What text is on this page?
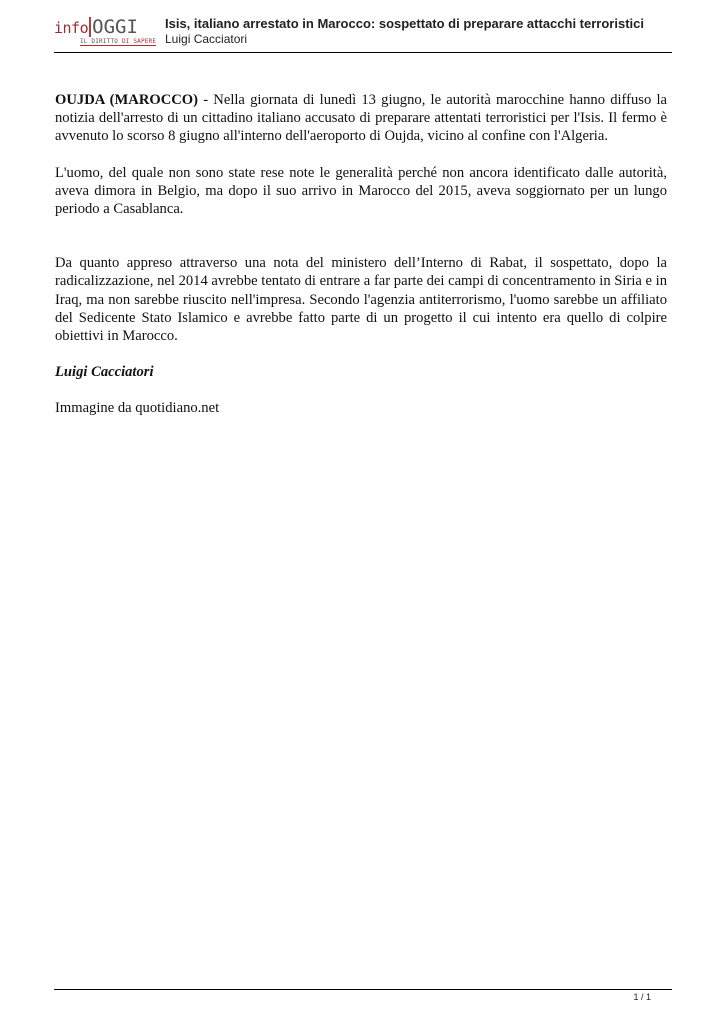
info OGGI
IL DIRITTO DI SAPERE
Isis, italiano arrestato in Marocco: sospettato di preparare attacchi terroristici
Luigi Cacciatori

OUJDA (MAROCCO) - Nella giornata di lunedì 13 giugno, le autorità marocchine hanno diffuso la notizia dell'arresto di un cittadino italiano accusato di preparare attentati terroristici per l'Isis. Il fermo è avvenuto lo scorso 8 giugno all'interno dell'aeroporto di Oujda, vicino al confine con l'Algeria.

L'uomo, del quale non sono state rese note le generalità perché non ancora identificato dalle autorità, aveva dimora in Belgio, ma dopo il suo arrivo in Marocco del 2015, aveva soggiornato per un lungo periodo a Casablanca.

Da quanto appreso attraverso una nota del ministero dell’Interno di Rabat, il sospettato, dopo la radicalizzazione, nel 2014 avrebbe tentato di entrare a far parte dei campi di concentramento in Siria e in Iraq, ma non sarebbe riuscito nell'impresa. Secondo l'agenzia antiterrorismo, l'uomo sarebbe un affiliato del Sedicente Stato Islamico e avrebbe fatto parte di un progetto il cui intento era quello di colpire obiettivi in Marocco.

Luigi Cacciatori

Immagine da quotidiano.net

1 / 1
